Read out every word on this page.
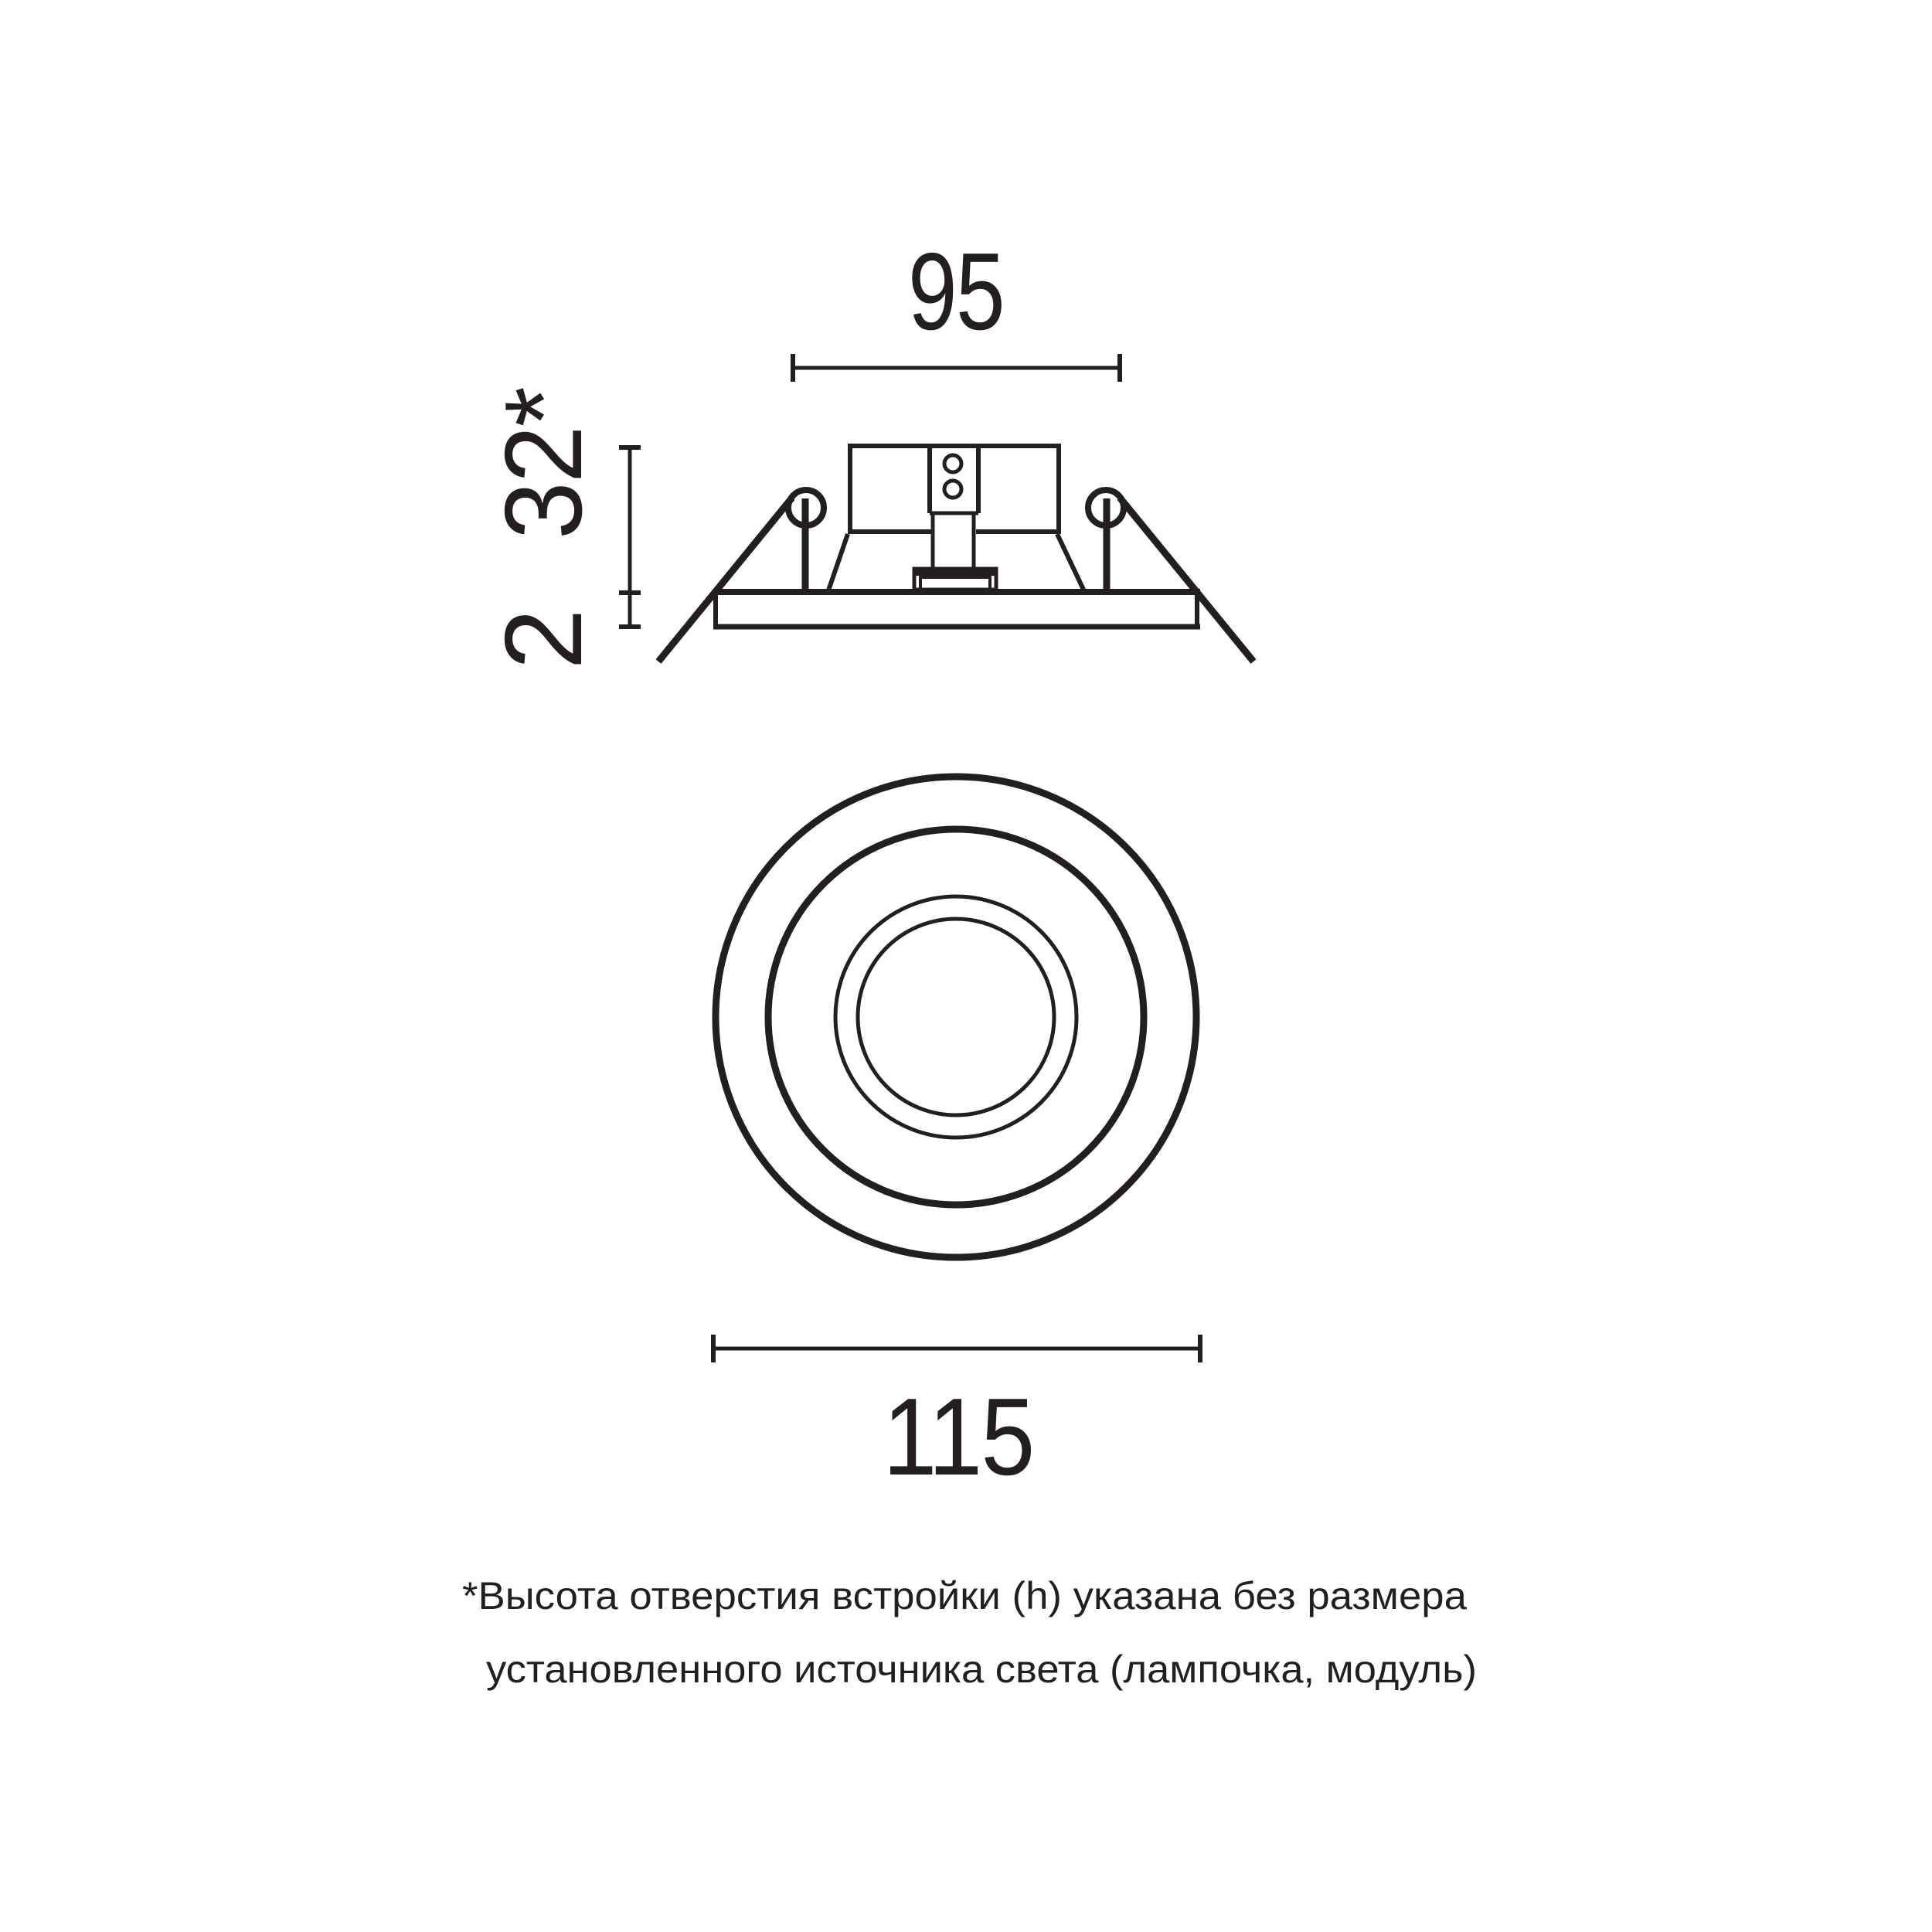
95
32*
2
115
*Высота отверстия встройки (h) указана без размера
установленного источника света (лампочка, модуль)
